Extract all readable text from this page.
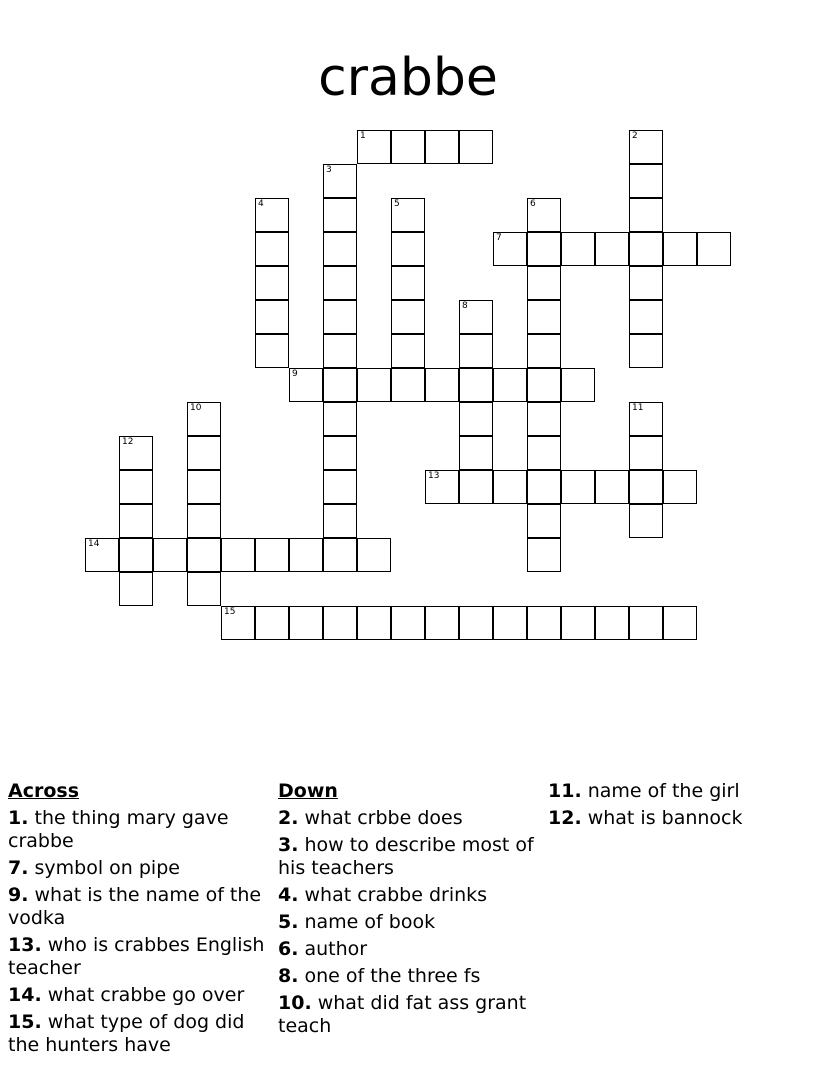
crabbe
1	2
3
4	5	6
7
8
9
10	11
12
13
14
15
Across
1. the thing mary gave crabbe
7. symbol on pipe
9. what is the name of the vodka
13. who is crabbes English teacher
14. what crabbe go over
15. what type of dog did the hunters have
Down
2. what crbbe does
3. how to describe most of his teachers
4. what crabbe drinks
5. name of book
6. author
8. one of the three fs
10. what did fat ass grant teach
11. name of the girl
12. what is bannock
